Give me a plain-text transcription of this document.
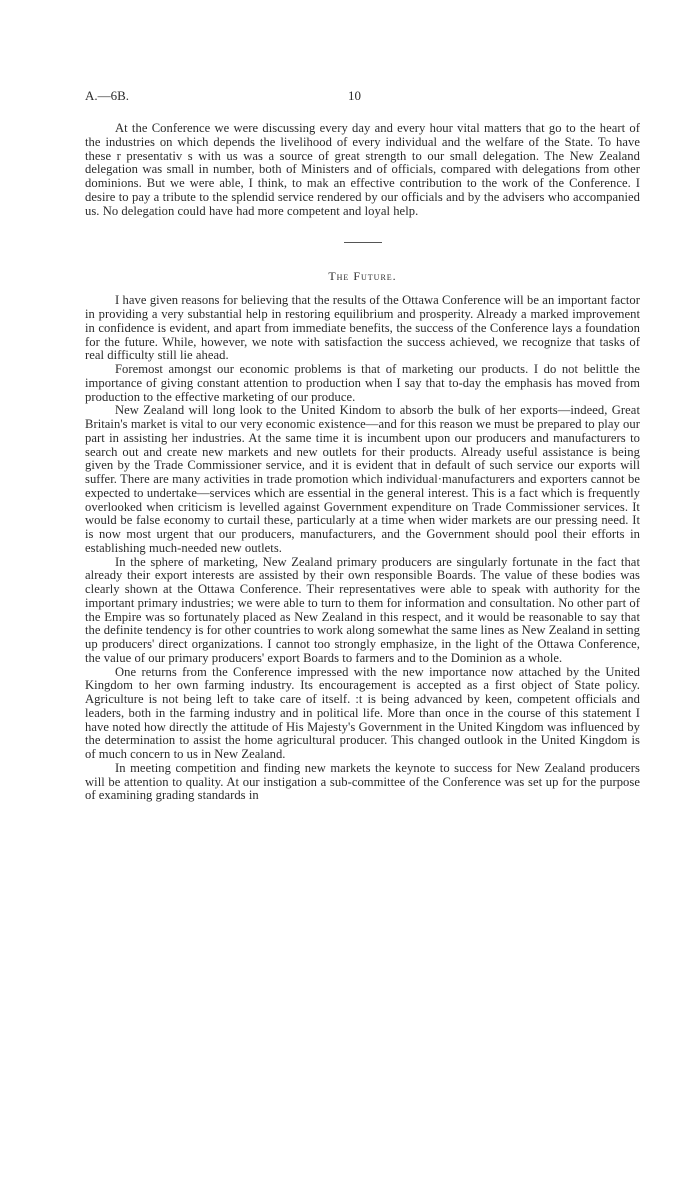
A.—6B.	10

At the Conference we were discussing every day and every hour vital matters that go to the heart of the industries on which depends the livelihood of every individual and the welfare of the State. To have these r presentativ s with us was a source of great strength to our small delegation. The New Zealand delegation was small in number, both of Ministers and of officials, compared with delegations from other dominions. But we were able, I think, to mak an effective contribution to the work of the Conference. I desire to pay a tribute to the splendid service rendered by our officials and by the advisers who accompanied us. No delegation could have had more competent and loyal help.

The Future.

I have given reasons for believing that the results of the Ottawa Conference will be an important factor in providing a very substantial help in restoring equilibrium and prosperity. Already a marked improvement in confidence is evident, and apart from immediate benefits, the success of the Conference lays a foundation for the future. While, however, we note with satisfaction the success achieved, we recognize that tasks of real difficulty still lie ahead.

Foremost amongst our economic problems is that of marketing our products. I do not belittle the importance of giving constant attention to production when I say that to-day the emphasis has moved from production to the effective marketing of our produce.

New Zealand will long look to the United Kindom to absorb the bulk of her exports—indeed, Great Britain's market is vital to our very economic existence—and for this reason we must be prepared to play our part in assisting her industries. At the same time it is incumbent upon our producers and manufacturers to search out and create new markets and new outlets for their products. Already useful assistance is being given by the Trade Commissioner service, and it is evident that in default of such service our exports will suffer. There are many activities in trade promotion which individual·manufacturers and exporters cannot be expected to undertake—services which are essential in the general interest. This is a fact which is frequently overlooked when criticism is levelled against Government expenditure on Trade Commissioner services. It would be false economy to curtail these, particularly at a time when wider markets are our pressing need. It is now most urgent that our producers, manufacturers, and the Government should pool their efforts in establishing much-needed new outlets.

In the sphere of marketing, New Zealand primary producers are singularly fortunate in the fact that already their export interests are assisted by their own responsible Boards. The value of these bodies was clearly shown at the Ottawa Conference. Their representatives were able to speak with authority for the important primary industries; we were able to turn to them for information and consultation. No other part of the Empire was so fortunately placed as New Zealand in this respect, and it would be reasonable to say that the definite tendency is for other countries to work along somewhat the same lines as New Zealand in setting up producers' direct organizations. I cannot too strongly emphasize, in the light of the Ottawa Conference, the value of our primary producers' export Boards to farmers and to the Dominion as a whole.

One returns from the Conference impressed with the new importance now attached by the United Kingdom to her own farming industry. Its encouragement is accepted as a first object of State policy. Agriculture is not being left to take care of itself. :t is being advanced by keen, competent officials and leaders, both in the farming industry and in political life. More than once in the course of this statement I have noted how directly the attitude of His Majesty's Government in the United Kingdom was influenced by the determination to assist the home agricultural producer. This changed outlook in the United Kingdom is of much concern to us in New Zealand.

In meeting competition and finding new markets the keynote to success for New Zealand producers will be attention to quality. At our instigation a sub-committee of the Conference was set up for the purpose of examining grading standards in
